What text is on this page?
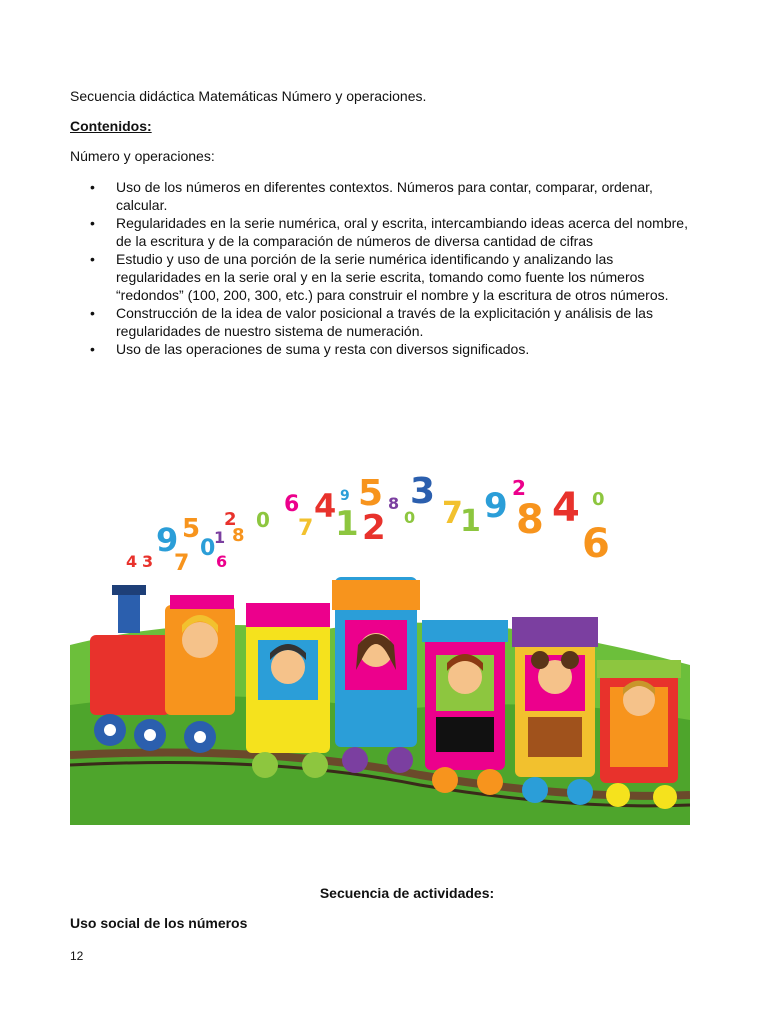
Secuencia didáctica Matemáticas Número y operaciones.

Contenidos:

Número y operaciones:

• Uso de los números en diferentes contextos. Números para contar, comparar, ordenar, calcular.
• Regularidades en la serie numérica, oral y escrita, intercambiando ideas acerca del nombre, de la escritura y de la comparación de números de diversa cantidad de cifras
• Estudio y uso de una porción de la serie numérica identificando y analizando las regularidades en la serie oral y en la serie escrita, tomando como fuente los números “redondos” (100, 200, 300, etc.) para construir el nombre y la escritura de otros números.
• Construcción de la idea de valor posicional a través de la explicitación y análisis de las regularidades de nuestro sistema de numeración.
• Uso de las operaciones de suma y resta con diversos significados.
4 3
9
7
5
0
1
6
2
8
0
6
7
4 9
1
5
2
8
0
3
7
1 9 2
8 4 0
6

Secuencia de actividades:

Uso social de los números

12
